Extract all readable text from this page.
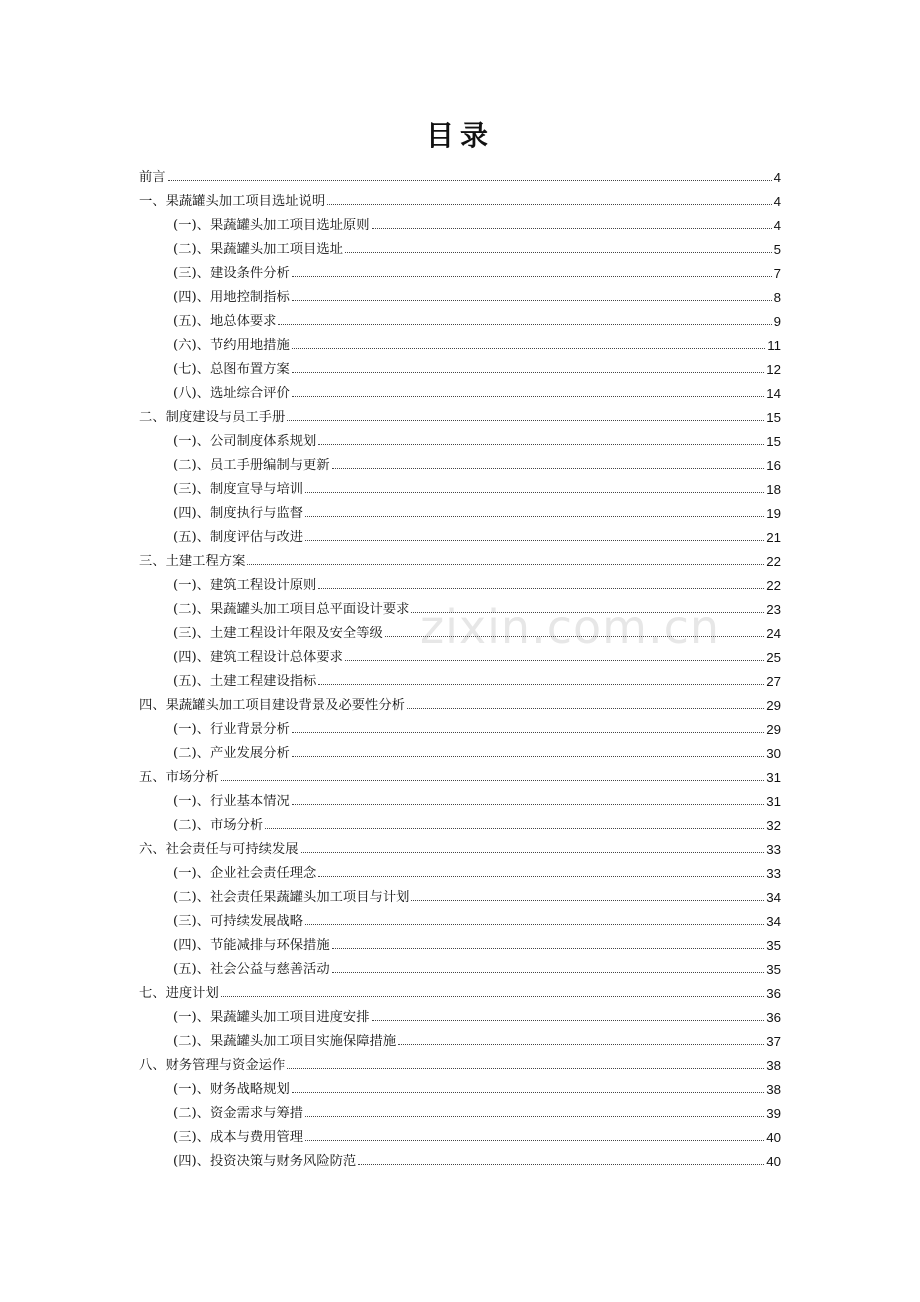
目录
zixin.com.cn
前言	4
一、果蔬罐头加工项目选址说明	4
(一)、果蔬罐头加工项目选址原则	4
(二)、果蔬罐头加工项目选址	5
(三)、建设条件分析	7
(四)、用地控制指标	8
(五)、地总体要求	9
(六)、节约用地措施	11
(七)、总图布置方案	12
(八)、选址综合评价	14
二、制度建设与员工手册	15
(一)、公司制度体系规划	15
(二)、员工手册编制与更新	16
(三)、制度宣导与培训	18
(四)、制度执行与监督	19
(五)、制度评估与改进	21
三、土建工程方案	22
(一)、建筑工程设计原则	22
(二)、果蔬罐头加工项目总平面设计要求	23
(三)、土建工程设计年限及安全等级	24
(四)、建筑工程设计总体要求	25
(五)、土建工程建设指标	27
四、果蔬罐头加工项目建设背景及必要性分析	29
(一)、行业背景分析	29
(二)、产业发展分析	30
五、市场分析	31
(一)、行业基本情况	31
(二)、市场分析	32
六、社会责任与可持续发展	33
(一)、企业社会责任理念	33
(二)、社会责任果蔬罐头加工项目与计划	34
(三)、可持续发展战略	34
(四)、节能减排与环保措施	35
(五)、社会公益与慈善活动	35
七、进度计划	36
(一)、果蔬罐头加工项目进度安排	36
(二)、果蔬罐头加工项目实施保障措施	37
八、财务管理与资金运作	38
(一)、财务战略规划	38
(二)、资金需求与筹措	39
(三)、成本与费用管理	40
(四)、投资决策与财务风险防范	40
